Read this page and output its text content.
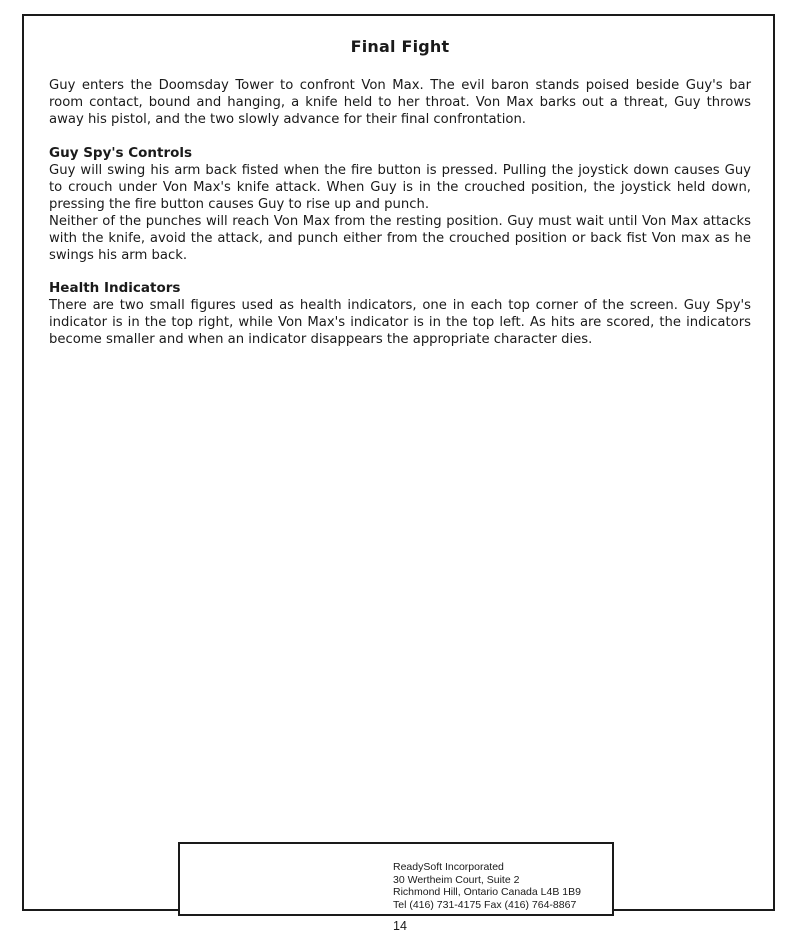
Final Fight

Guy enters the Doomsday Tower to confront Von Max. The evil baron stands poised beside Guy's bar room contact, bound and hanging, a knife held to her throat. Von Max barks out a threat, Guy throws away his pistol, and the two slowly advance for their final confrontation.

Guy Spy's Controls

Guy will swing his arm back fisted when the fire button is pressed. Pulling the joystick down causes Guy to crouch under Von Max's knife attack. When Guy is in the crouched position, the joystick held down, pressing the fire button causes Guy to rise up and punch.

Neither of the punches will reach Von Max from the resting position. Guy must wait until Von Max attacks with the knife, avoid the attack, and punch either from the crouched position or back fist Von max as he swings his arm back.

Health Indicators

There are two small figures used as health indicators, one in each top corner of the screen. Guy Spy's indicator is in the top right, while Von Max's indicator is in the top left. As hits are scored, the indicators become smaller and when an indicator disappears the appropriate character dies.

ReadySoft Incorporated
30 Wertheim Court, Suite 2
Richmond Hill, Ontario Canada L4B 1B9
Tel (416) 731-4175 Fax (416) 764-8867
14
